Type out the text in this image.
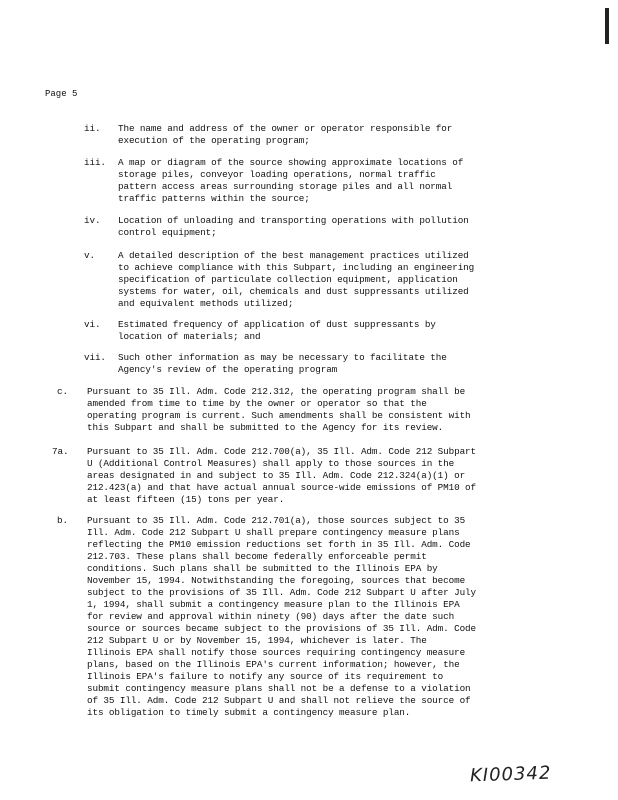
Page 5
ii. The name and address of the owner or operator responsible for
execution of the operating program;
iii. A map or diagram of the source showing approximate locations of
storage piles, conveyor loading operations, normal traffic
pattern access areas surrounding storage piles and all normal
traffic patterns within the source;
iv. Location of unloading and transporting operations with pollution
control equipment;
v. A detailed description of the best management practices utilized
to achieve compliance with this Subpart, including an engineering
specification of particulate collection equipment, application
systems for water, oil, chemicals and dust suppressants utilized
and equivalent methods utilized;
vi. Estimated frequency of application of dust suppressants by
location of materials; and
vii. Such other information as may be necessary to facilitate the
Agency's review of the operating program
c. Pursuant to 35 Ill. Adm. Code 212.312, the operating program shall be
amended from time to time by the owner or operator so that the
operating program is current. Such amendments shall be consistent with
this Subpart and shall be submitted to the Agency for its review.
7a. Pursuant to 35 Ill. Adm. Code 212.700(a), 35 Ill. Adm. Code 212 Subpart
U (Additional Control Measures) shall apply to those sources in the
areas designated in and subject to 35 Ill. Adm. Code 212.324(a)(1) or
212.423(a) and that have actual annual source-wide emissions of PM10 of
at least fifteen (15) tons per year.
b. Pursuant to 35 Ill. Adm. Code 212.701(a), those sources subject to 35
Ill. Adm. Code 212 Subpart U shall prepare contingency measure plans
reflecting the PM10 emission reductions set forth in 35 Ill. Adm. Code
212.703. These plans shall become federally enforceable permit
conditions. Such plans shall be submitted to the Illinois EPA by
November 15, 1994. Notwithstanding the foregoing, sources that become
subject to the provisions of 35 Ill. Adm. Code 212 Subpart U after July
1, 1994, shall submit a contingency measure plan to the Illinois EPA
for review and approval within ninety (90) days after the date such
source or sources became subject to the provisions of 35 Ill. Adm. Code
212 Subpart U or by November 15, 1994, whichever is later. The
Illinois EPA shall notify those sources requiring contingency measure
plans, based on the Illinois EPA's current information; however, the
Illinois EPA's failure to notify any source of its requirement to
submit contingency measure plans shall not be a defense to a violation
of 35 Ill. Adm. Code 212 Subpart U and shall not relieve the source of
its obligation to timely submit a contingency measure plan.
KI00342
